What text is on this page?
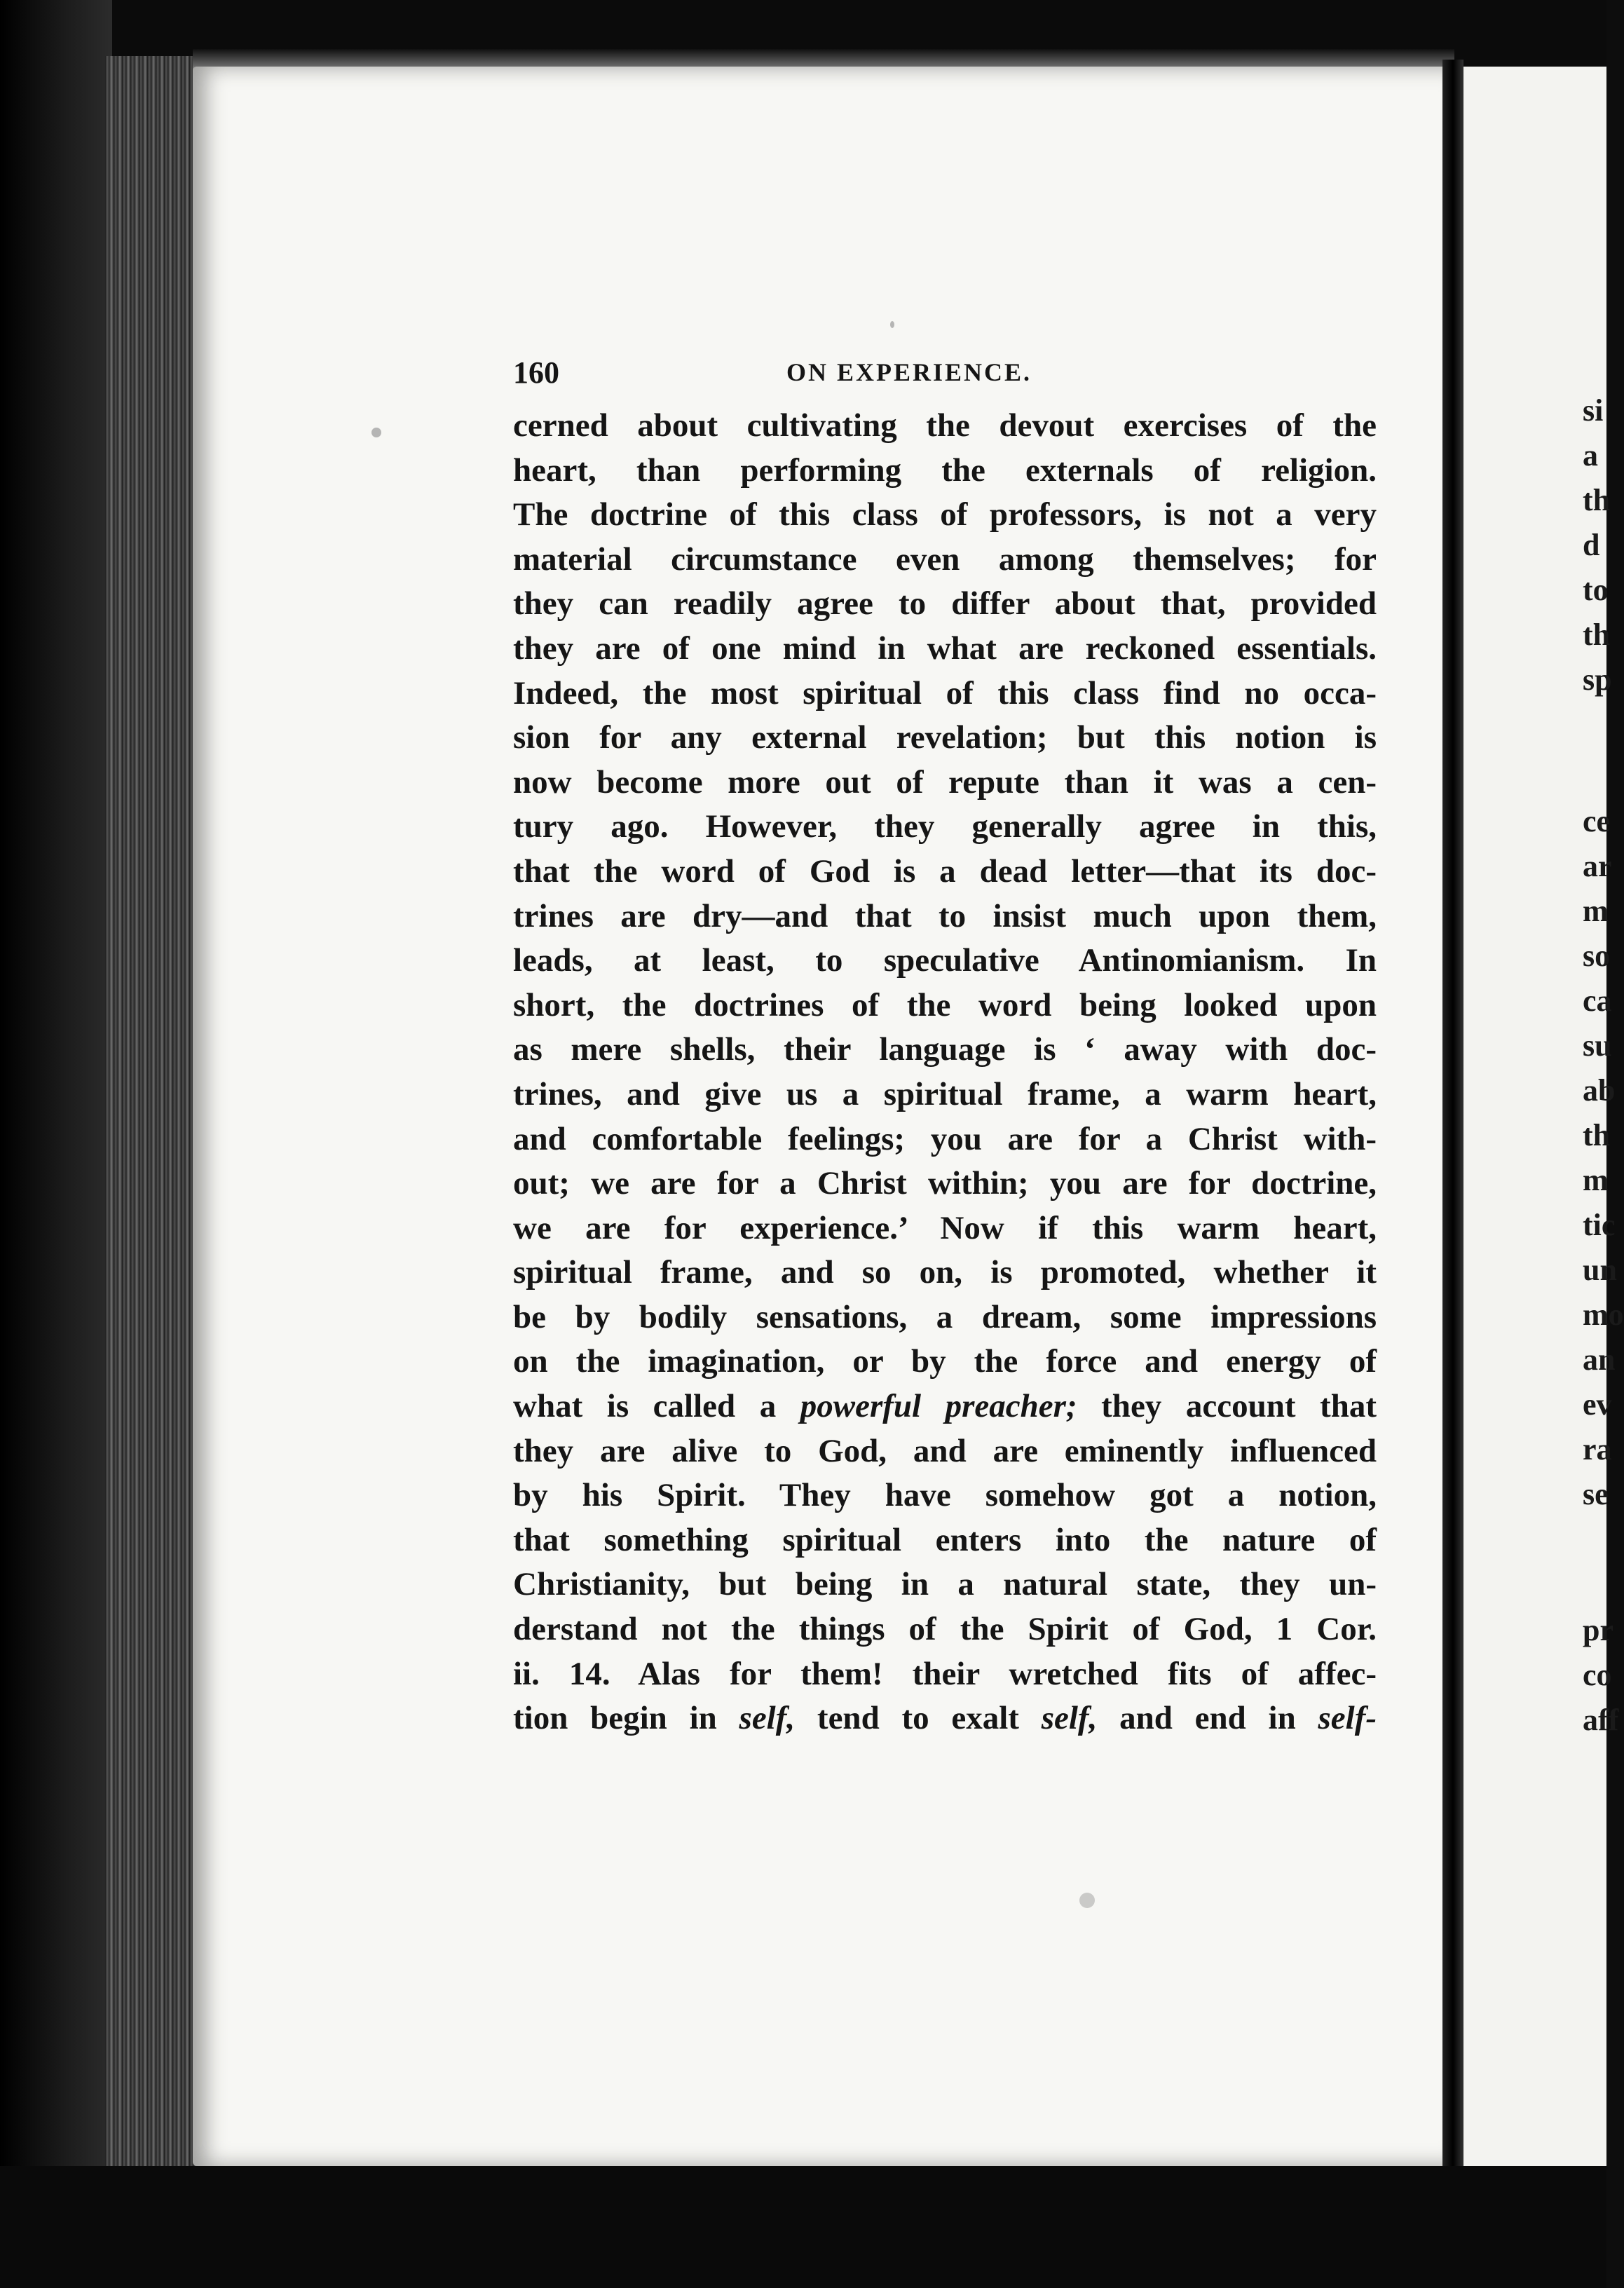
160	ON EXPERIENCE.
cerned about cultivating the devout exercises of the
heart, than performing the externals of religion.
The doctrine of this class of professors, is not a very
material circumstance even among themselves; for
they can readily agree to differ about that, provided
they are of one mind in what are reckoned essentials.
Indeed, the most spiritual of this class find no occa-
sion for any external revelation; but this notion is
now become more out of repute than it was a cen-
tury ago. However, they generally agree in this,
that the word of God is a dead letter—that its doc-
trines are dry—and that to insist much upon them,
leads, at least, to speculative Antinomianism. In
short, the doctrines of the word being looked upon
as mere shells, their language is ‘ away with doc-
trines, and give us a spiritual frame, a warm heart,
and comfortable feelings; you are for a Christ with-
out; we are for a Christ within; you are for doctrine,
we are for experience.’ Now if this warm heart,
spiritual frame, and so on, is promoted, whether it
be by bodily sensations, a dream, some impressions
on the imagination, or by the force and energy of
what is called a powerful preacher; they account that
they are alive to God, and are eminently influenced
by his Spirit. They have somehow got a notion,
that something spiritual enters into the nature of
Christianity, but being in a natural state, they un-
derstand not the things of the Spirit of God, 1 Cor.
ii. 14. Alas for them! their wretched fits of affec-
tion begin in self, tend to exalt self, and end in self-
si
a
th
d
to
th
sp
ce
ar
m
so
ca
su
ab
th
m
tic
un
mo
an
ev
ra
se
pr
co
aff
